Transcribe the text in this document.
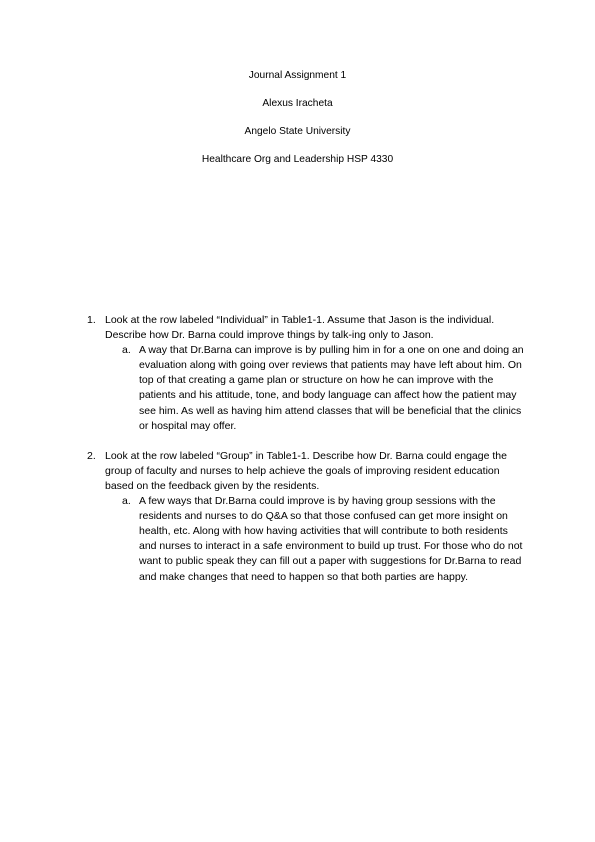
Journal Assignment 1
Alexus Iracheta
Angelo State University
Healthcare Org and Leadership HSP 4330
1. Look at the row labeled “Individual” in Table1-1. Assume that Jason is the individual. Describe how Dr. Barna could improve things by talk-ing only to Jason.
a. A way that Dr.Barna can improve is by pulling him in for a one on one and doing an evaluation along with going over reviews that patients may have left about him. On top of that creating a game plan or structure on how he can improve with the patients and his attitude, tone, and body language can affect how the patient may see him. As well as having him attend classes that will be beneficial that the clinics or hospital may offer.
2. Look at the row labeled “Group” in Table1-1. Describe how Dr. Barna could engage the group of faculty and nurses to help achieve the goals of improving resident education based on the feedback given by the residents.
a. A few ways that Dr.Barna could improve is by having group sessions with the residents and nurses to do Q&A so that those confused can get more insight on health, etc. Along with how having activities that will contribute to both residents and nurses to interact in a safe environment to build up trust. For those who do not want to public speak they can fill out a paper with suggestions for Dr.Barna to read and make changes that need to happen so that both parties are happy.
